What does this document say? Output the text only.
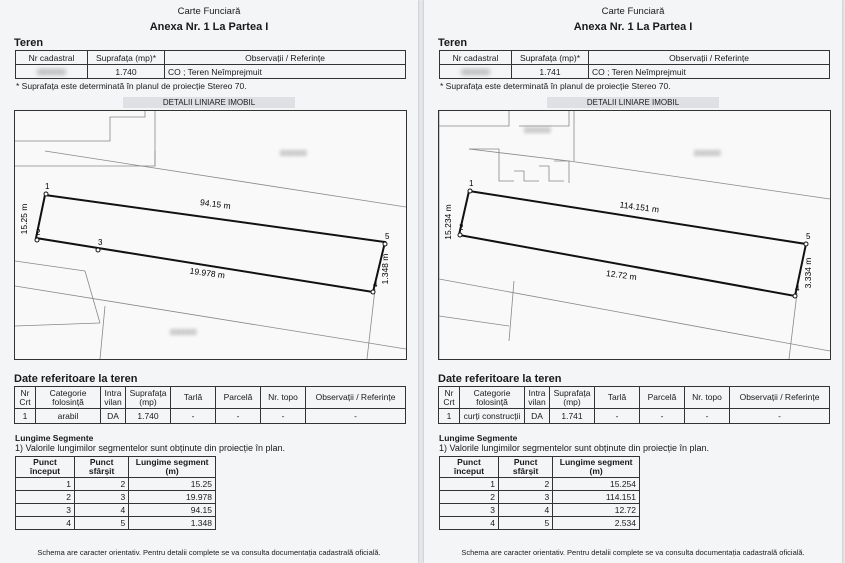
Carte Funciară
Anexa Nr. 1 La Partea I
Teren
Nr cadastral	Suprafața (mp)*	Observații / Referințe
000000	1.740	CO ; Teren Neîmprejmuit
* Suprafața este determinată în planul de proiecție Stereo 70.
DETALII LINIARE IMOBIL
000000
000000
94.15 m
19.978 m
15.25 m
1.348 m
1
2
3
4
5
Date referitoare la teren
Nr Crt	Categorie folosință	Intra vilan	Suprafața (mp)	Tarlă	Parcelă	Nr. topo	Observații / Referințe
1	arabil	DA	1.740	-	-	-	-
Lungime Segmente
1) Valorile lungimilor segmentelor sunt obținute din proiecție în plan.
Punct început	Punct sfârșit	Lungime segment (m)
1	2	15.25
2	3	19.978
3	4	94.15
4	5	1.348
Schema are caracter orientativ. Pentru detalii complete se va consulta documentația cadastrală oficială.
Carte Funciară
Anexa Nr. 1 La Partea I
Teren
Nr cadastral	Suprafața (mp)*	Observații / Referințe
000000	1.741	CO ; Teren Neîmprejmuit
* Suprafața este determinată în planul de proiecție Stereo 70.
DETALII LINIARE IMOBIL
000000
000000
114.151 m
12.72 m
15.234 m
3.334 m
1
2
4
5
Date referitoare la teren
Nr Crt	Categorie folosință	Intra vilan	Suprafața (mp)	Tarlă	Parcelă	Nr. topo	Observații / Referințe
1	curți construcții	DA	1.741	-	-	-	-
Lungime Segmente
1) Valorile lungimilor segmentelor sunt obținute din proiecție în plan.
Punct început	Punct sfârșit	Lungime segment (m)
1	2	15.254
2	3	114.151
3	4	12.72
4	5	2.534
Schema are caracter orientativ. Pentru detalii complete se va consulta documentația cadastrală oficială.
